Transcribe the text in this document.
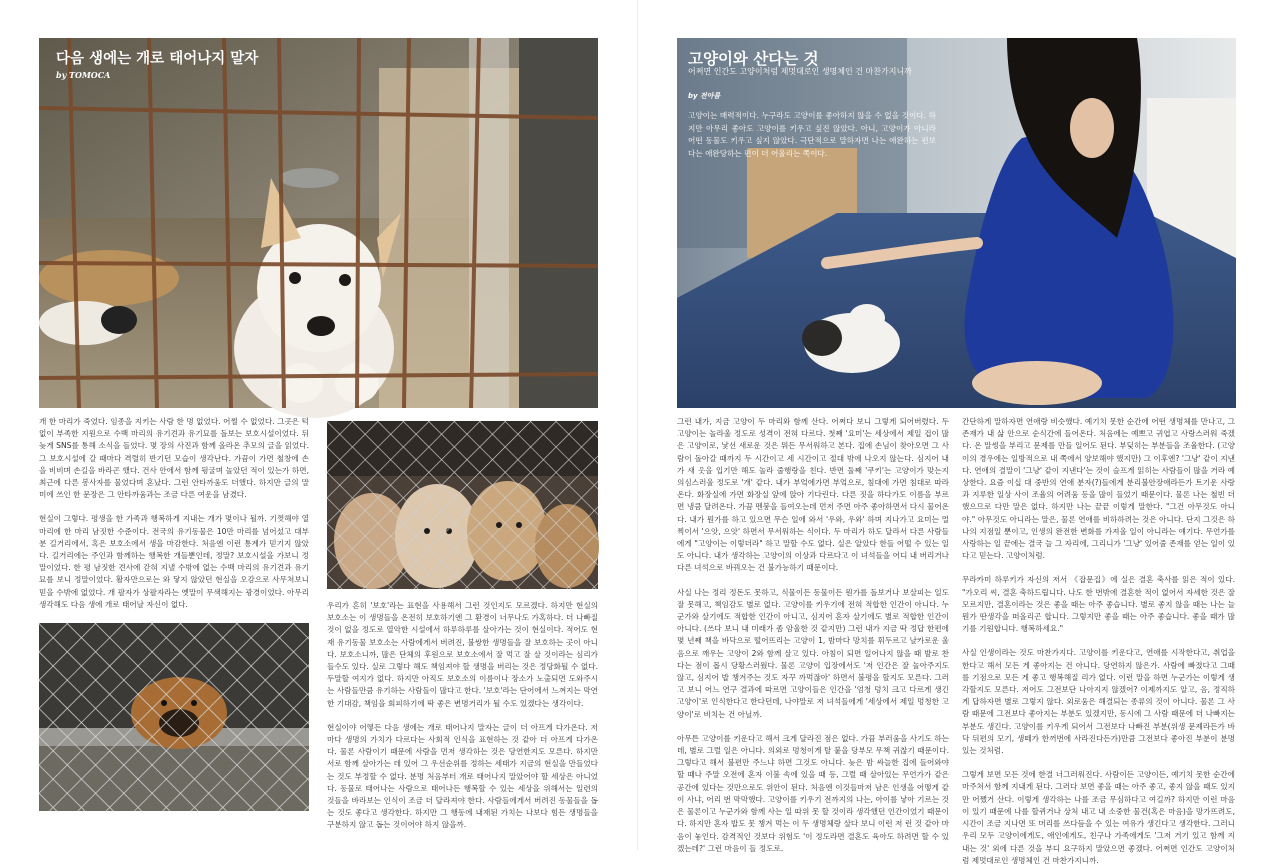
다음 생에는 개로 태어나지 말자
by TOMOCA

개 한 마리가 죽었다. 임종을 지키는 사람 한 명 없었다. 어쩔 수 없었다. 그곳은 턱없이 부족한 지원으로 수백 마리의 유기견과 유기묘를 돌보는 보호시설이었다. 뒤늦게 SNS를 통해 소식을 들었다. 몇 장의 사진과 함께 올라온 추모의 글을 읽었다. 그 보호시설에 갈 때마다 격렬히 반기던 모습이 생각난다. 가끔이 가면 철창에 손을 비비며 손길을 바라곤 했다. 건사 안에서 함께 뒹굴며 놀았던 적이 있는가 하면, 최근에 다른 봉사자를 물었다며 혼났다. 그런 안타까움도 더했다. 하지만 글의 말미에 쓰인 한 문장은 그 안타까움과는 조금 다른 여운을 남겼다.

현실이 그렇다. 평생을 한 가족과 행복하게 지내는 개가 몇이나 될까. 기껏해야 열 마리에 한 마리 남짓한 수준이다. 전국의 유기동물은 10만 마리를 넘어섰고 대부분 길거리에서, 혹은 보호소에서 생을 마감한다. 처음엔 이런 통계가 믿기지 않았다. 길거리에는 주인과 함께하는 행복한 개들뿐인데, 정말? 보호시설을 가보니 정말이었다. 한 평 남짓한 견사에 갇혀 지낼 수밖에 없는 수백 마리의 유기견과 유기묘를 보니 정말이었다. 활자만으로는 와 닿지 않았던 현실을 오감으로 사무쳐보니 믿을 수밖에 없었다. 개 팔자가 상팔자라는 옛말이 무색해지는 광경이었다. 아무리 생각해도 다음 생에 개로 태어날 자신이 없다.	우리가 흔히 '보호'라는 표현을 사용해서 그런 것인지도 모르겠다. 하지만 현실의 보호소는 이 생명들을 온전히 보호하기엔 그 환경이 너무나도 가혹하다. 더 나빠질 것이 없을 정도로 열악한 시설에서 하루하루를 살아가는 것이 현실이다. 적어도 현재 유기동물 보호소는 사람에게서 버려진, 불쌍한 생명들을 잘 보호하는 곳이 아니다. 보호소니까, 많은 단체의 후원으로 보호소에서 잘 먹고 잘 살 것이라는 심리가 들수도 있다. 실로 그렇다 해도 책임져야 할 생명을 버리는 것은 정당화될 수 없다. 두말할 여지가 없다. 하지만 아직도 보호소의 이름이나 장소가 노출되면 도와주시는 사람들만큼 유기하는 사람들이 많다고 한다. '보호'라는 단어에서 느껴지는 막연한 기대감, 책임을 회피하기에 딱 좋은 변명거리가 될 수도 있겠다는 생각이다.

현실이야 어떻든 다음 생에는 개로 태어나지 말자는 글이 더 아프게 다가온다. 저마다 생명의 가치가 다르다는 사회적 인식을 표현하는 것 같아 더 아프게 다가온다. 물론 사람이기 때문에 사람을 먼저 생각하는 것은 당연한지도 모른다. 하지만 서로 함께 살아가는 데 있어 그 우선순위를 정하는 세태가 지금의 현실을 만들었다는 것도 부정할 수 없다. 분명 처음부터 개로 태어나지 말았어야 할 세상은 아니었다. 동물로 태어나는 사람으로 태어나든 행복할 수 있는 세상을 위해서는 일련의 것들을 바라보는 인식이 조금 더 달라져야 한다. 사람들에게서 버려진 동물들을 돕는 것도 좋다고 생각한다. 하지만 그 행동에 내재된 가치는 나보다 힘든 생명들을 구분하지 않고 돕는 것이어야 하지 않을까.

고양이와 산다는 것
어쩌면 인간도 고양이처럼 제멋대로인 생명체인 건 마찬가지니까
by 전아름
고양이는 매력적이다. 누구라도 고양이를 좋아하지 않을 수 없을 것이다. 하지만 아무리 좋아도 고양이를 키우고 싶진 않았다. 아니, 고양이가 아니라 어떤 동물도 키우고 싶지 않았다. 극단적으로 말하자면 나는 애완하는 편보다는 애완당하는 편이 더 어울리는 쪽이다.

그런 내가, 지금 고양이 두 마리와 함께 산다. 어쩌다 보니 그렇게 되어버렸다. 두 고양이는 놀라울 정도로 성격이 전혀 다르다. 첫째 '요미'는 세상에서 제일 겁이 많은 고양이로, 낯선 새로운 것은 뭐든 무서워하고 본다. 집에 손님이 찾아오면 그 사람이 돌아갈 때까지 두 시간이고 세 시간이고 절대 밖에 나오지 않는다. 심지어 내가 새 옷을 입기만 해도 놀라 줄행랑을 친다. 반면 둘째 '쿠키'는 고양이가 맞는지 의심스러울 정도로 '개' 같다. 내가 부엌에가면 부엌으로, 침대에 가면 침대로 따라온다. 화장실에 가면 화장실 앞에 앉아 기다린다. 다른 짓을 하다가도 이름을 부르면 냉큼 달려온다. 가끔 멘붕을 들여오는데 먼저 주면 아주 좋아하면서 다시 물어온다. 내가 뭔가를 하고 있으면 무슨 일에 와서 '우와, 우와' 하며 지나가고 요미는 멀찍이서 '으앗, 으앗' 하면서 무서워하는 식이다. 두 마리가 하도 달라서 다른 사람들에게 "고양이는 이렇더라" 하고 말할 수도 없다. 실은 알았다 한들 어떨 수 있는 일도 아니다. 내가 생각하는 고양이의 이상과 다르다고 이 녀석들을 어디 내 버리거나 다른 녀석으로 바꿔오는 건 불가능하기 때문이다.

사실 나는 정리 정돈도 못하고, 식물이든 동물이든 뭔가를 돌보거나 보살피는 일도 잘 못해고, 책임감도 별로 없다. 고양이를 키우기에 전혀 적합한 인간이 아니다. 누군가와 살기에도 적합한 인간이 아니고, 심지어 혼자 살기에도 별로 적합한 인간이 아니다. (쓰다 보니 내 미래가 좀 암울한 것 같지만) 그런 내가 지금 딱 정답 한편에 몇 년째 책을 바닥으로 떨어뜨리는 고양이 1, 밤마다 망치를 휘두르고 날카로운 울음으로 깨우는 고양이 2와 함께 살고 있다. 아침이 되면 일어나지 않을 때 발로 찬다는 점이 몹시 당황스러웠다. 물론 고양이 입장에서도 '저 인간은 잘 놀아주지도 않고, 심지어 밥 챙겨주는 것도 자꾸 까먹잖아' 하면서 불평을 할지도 모른다. 그러고 보니 어느 연구 결과에 따르면 고양이들은 인간을 '엄청 덩치 크고 다르게 생긴 고양이'로 인식한다고 한다던데, 나야말로 저 녀석들에게 '세상에서 제일 멍청한 고양이'로 비치는 건 아닐까.

아무튼 고양이를 키운다고 해서 크게 달라진 점은 없다. 가끔 부러움을 사기도 하는데, 별로 그럴 일은 아니다. 의외로 멍청이게 탈 붙을 당부모 무책 귀찮기 때문이다. 그렇다고 해서 불편만 주느냐 하면 그것도 아니다. 늦은 밤 싸늘한 집에 들어와야 할 때나 주말 오전에 혼자 이불 속에 있을 때 등, 그럴 때 살아있는 무언가가 같은 공간에 있다는 것만으로도 위안이 된다. 처음엔 이것들마저 남은 인생을 어떻게 같이 사냐, 어리 번 막막했다. 고양이를 키우기 전까지의 나는, 아이를 낳아 기르는 것은 물론이고 누군가와 함께 사는 일 따위 못 할 것이라 생각했던 인간이었기 때문이다. 하지만 혼자 밥도 못 챙겨 먹는 이 두 생명체랑 살다 보니 이런 저 런 것 같아 마음이 놓인다. 감격적인 것보다 위험도 '이 정도라면 결혼도 육아도 하려면 할 수 있겠는데?' 그런 마음이 들 정도로.

간단하게 말하자면 연애랑 비슷했다. 예기치 못한 순간에 어떤 생명체를 만나고, 그 존재가 내 삶 안으로 순식간에 들어온다. 처음에는 예쁘고 귀엽고 사랑스러워 죽겠다. 온 말썽을 부리고 문제를 만들 일어도 된다. 부딪히는 부분들을 조율한다. (고양이의 경우에는 일방적으로 내 쪽에서 양보해야 했지만) 그 이후엔? '그냥' 같이 지낸다. 연애의 결말이 '그냥' 같이 지낸다'는 것이 슬프게 읽히는 사람들이 많을 거라 예상한다. 요즘 이십 대 중반의 연애 분자(?)들에게 분리불안장애라든가 트기운 사랑과 지루한 일상 사이 조율의 어려움 등을 많이 들었기 때문이다. 물론 나는 철빈 더 했으므로 다만 말은 없다. 하지만 나는 끝끝 이렇게 말한다. "그건 아무것도 아니야." 아무것도 아니라는 말은, 물론 연애를 비하하려는 것은 아니다. 단지 그것은 하나의 지점일 뿐이고, 인생의 완전한 변화를 가져올 일이 아니라는 얘기다. 무언가를 사랑하는 일 끝에는 결국 늘 그 자리에, 그리니가 '그냥' 있어줄 존재를 얻는 일이 있다고 믿는다. 고양이처럼.

무라카미 하루키가 자신의 저서 《잡문집》에 실은 결혼 축사를 읽은 적이 있다. "가오리 씨, 결혼 축하드립니다. 나도 한 번밖에 결혼한 적이 없어서 자세한 것은 잘 모르지만, 결혼이라는 것은 좋을 때는 아주 좋습니다. 별로 좋지 않을 때는 나는 늘 뭔가 딴생각을 떠올리곤 합니다. 그렇지만 좋을 때는 아주 좋습니다. 좋을 때가 많기를 기원합니다. 행복하세요."

사실 인생이라는 것도 마찬가지다. 고양이를 키운다고, 연애를 시작한다고, 취업을 한다고 해서 모든 게 좋아지는 건 아니다. 당연하지 않은가. 사람에 빠졌다고 그때를 기점으로 모든 게 좋고 행복해질 리가 없다. 이런 말을 하면 누군가는 이렇게 생각할지도 모른다. 저어도 그전보단 나아지지 않겠어? 이제까지도 알고, 음, 정직하게 답하자면 별로 그렇지 않다. 외로움은 해결되는 종류의 것이 아니다. 물론 그 사람 때문에 그전보다 좋아지는 부분도 있겠지만, 동시에 그 사람 때문에 더 나빠지는 부분도 생긴다. 고양이를 키우게 되어서 그전보다 나빠진 부분(위생 문제라든가 바닥 뒤편의 모기, 생떼가 한꺼번에 사라진다든가)만큼 그전보다 좋아진 부분이 분명 있는 것처럼.

그렇게 보면 모든 것에 한결 너그러워진다. 사람이든 고양이든, 예기치 못한 순간에 마주쳐서 함께 지내게 된다. 그러다 보면 좋을 때는 아주 좋고, 좋지 않을 때도 있지만 어쨌거 산다. 이렇게 생각하는 나를 조금 무심하다고 여길까? 하지만 이런 마음이 있기 때문에 나를 할퀴거나 상처 내고 내 소중한 물건(혹은 마음)을 망가뜨려도, 시간이 조금 지나면 또 머리를 쓰다듬을 수 있는 여유가 생긴다고 생각한다. 그러니 우리 모두 고양이에게도, 애인에게도, 친구나 가족에게도 '그저 거기 있고 함께 지내는 것' 외에 다른 것을 부디 요구하지 말았으면 좋겠다. 어쩌면 인간도 고양이처럼 제멋대로인 생명체인 건 마찬가지니까.
